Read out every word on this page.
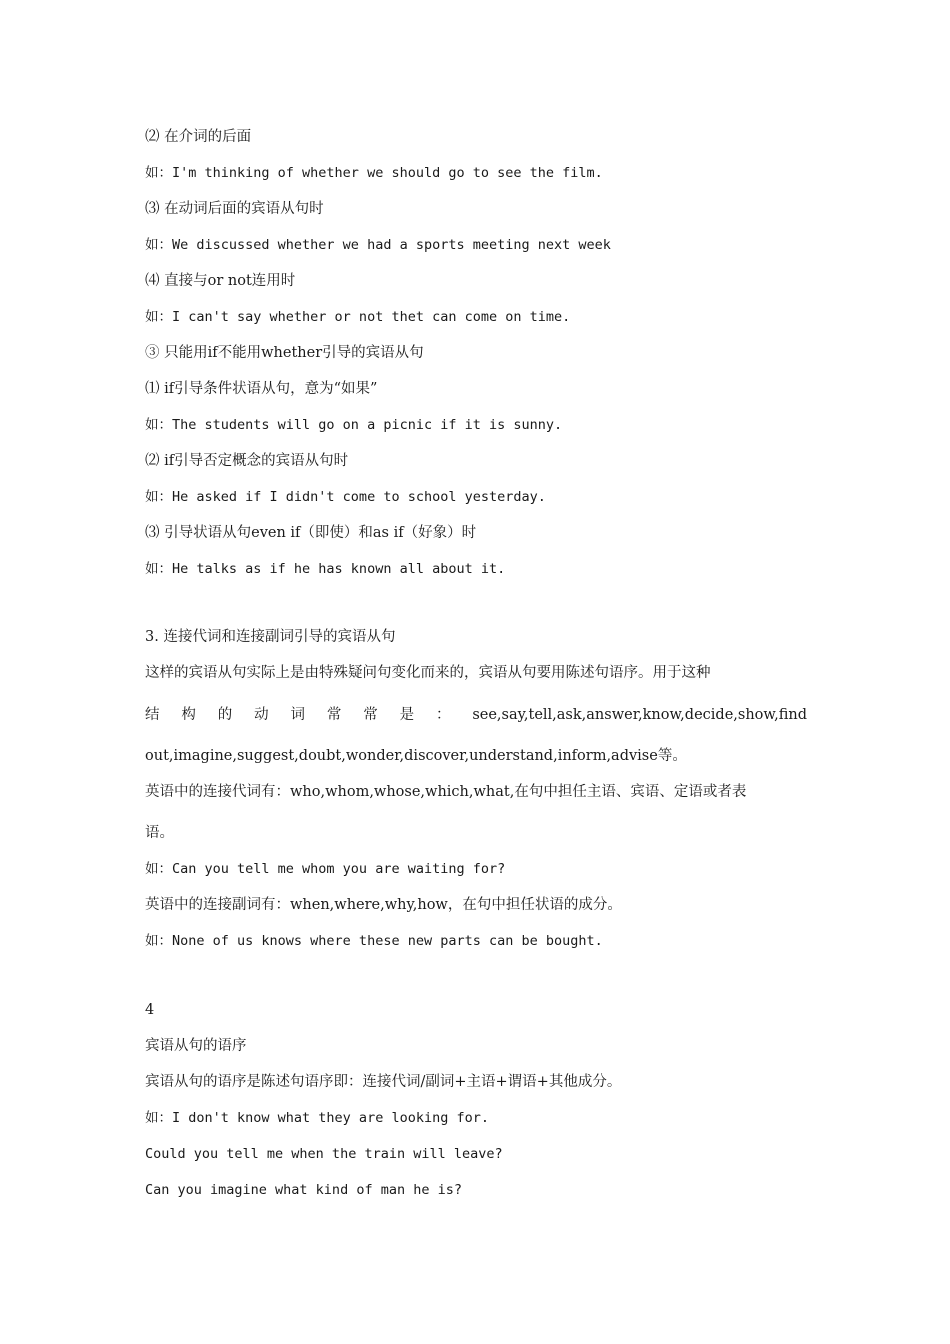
⑵ 在介词的后面
如：I'm thinking of whether we should go to see the film.
⑶ 在动词后面的宾语从句时
如：We discussed whether we had a sports meeting next week
⑷ 直接与or not连用时
如：I can't say whether or not thet can come on time.
③ 只能用if不能用whether引导的宾语从句
⑴ if引导条件状语从句，意为“如果”
如：The students will go on a picnic if it is sunny.
⑵ if引导否定概念的宾语从句时
如：He asked if I didn't come to school yesterday.
⑶ 引导状语从句even if（即使）和as if（好象）时
如：He talks as if he has known all about it.
3. 连接代词和连接副词引导的宾语从句
这样的宾语从句实际上是由特殊疑问句变化而来的，宾语从句要用陈述句语序。用于这种
结 构 的 动 词 常 常 是 ： see,say,tell,ask,answer,know,decide,show,find
out,imagine,suggest,doubt,wonder,discover,understand,inform,advise等。
英语中的连接代词有：who,whom,whose,which,what,在句中担任主语、宾语、定语或者表
语。
如：Can you tell me whom you are waiting for?
英语中的连接副词有：when,where,why,how，在句中担任状语的成分。
如：None of us knows where these new parts can be bought.
4
宾语从句的语序
宾语从句的语序是陈述句语序即：连接代词/副词+主语+谓语+其他成分。
如：I don't know what they are looking for.
Could you tell me when the train will leave?
Can you imagine what kind of man he is?
